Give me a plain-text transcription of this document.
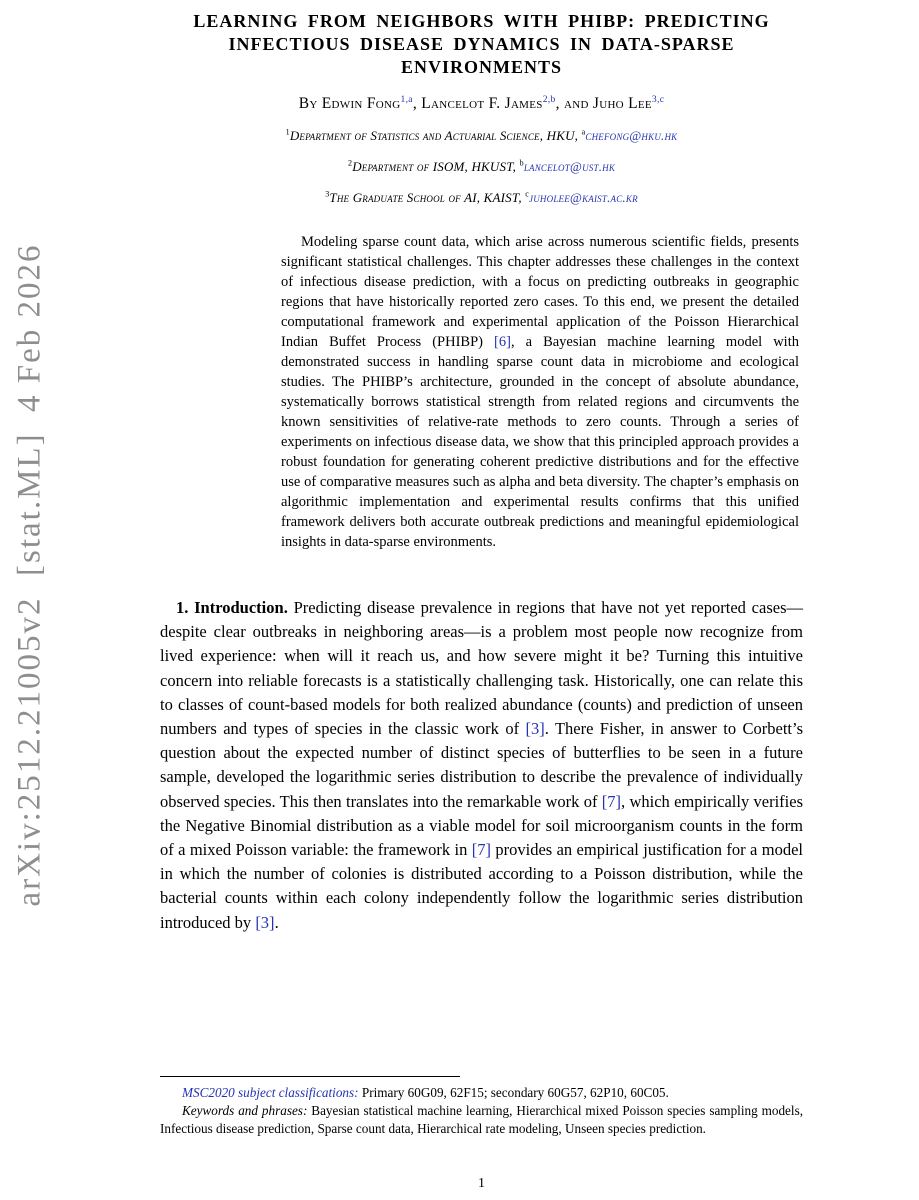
arXiv:2512.21005v2  [stat.ML]  4 Feb 2026
LEARNING FROM NEIGHBORS WITH PHIBP: PREDICTING
INFECTIOUS DISEASE DYNAMICS IN DATA-SPARSE
ENVIRONMENTS
By Edwin Fong$^{1,a}$, Lancelot F. James$^{2,b}$, and Juho Lee$^{3,c}$
$^1$Department of Statistics and Actuarial Science, HKU, $^a$chefong@hku.hk
$^2$Department of ISOM, HKUST, $^b$lancelot@ust.hk
$^3$The Graduate School of AI, KAIST, $^c$juholee@kaist.ac.kr

Modeling sparse count data, which arise across numerous scientific fields, presents significant statistical challenges. This chapter addresses these challenges in the context of infectious disease prediction, with a focus on predicting outbreaks in geographic regions that have historically reported zero cases. To this end, we present the detailed computational framework and experimental application of the Poisson Hierarchical Indian Buffet Process (PHIBP) [6], a Bayesian machine learning model with demonstrated success in handling sparse count data in microbiome and ecological studies. The PHIBP’s architecture, grounded in the concept of absolute abundance, systematically borrows statistical strength from related regions and circumvents the known sensitivities of relative-rate methods to zero counts. Through a series of experiments on infectious disease data, we show that this principled approach provides a robust foundation for generating coherent predictive distributions and for the effective use of comparative measures such as alpha and beta diversity. The chapter’s emphasis on algorithmic implementation and experimental results confirms that this unified framework delivers both accurate outbreak predictions and meaningful epidemiological insights in data-sparse environments.

1. Introduction. Predicting disease prevalence in regions that have not yet reported cases—despite clear outbreaks in neighboring areas—is a problem most people now recognize from lived experience: when will it reach us, and how severe might it be? Turning this intuitive concern into reliable forecasts is a statistically challenging task. Historically, one can relate this to classes of count-based models for both realized abundance (counts) and prediction of unseen numbers and types of species in the classic work of [3]. There Fisher, in answer to Corbett’s question about the expected number of distinct species of butterflies to be seen in a future sample, developed the logarithmic series distribution to describe the prevalence of individually observed species. This then translates into the remarkable work of [7], which empirically verifies the Negative Binomial distribution as a viable model for soil microorganism counts in the form of a mixed Poisson variable: the framework in [7] provides an empirical justification for a model in which the number of colonies is distributed according to a Poisson distribution, while the bacterial counts within each colony independently follow the logarithmic series distribution introduced by [3].

MSC2020 subject classifications: Primary 60G09, 62F15; secondary 60G57, 62P10, 60C05.

Keywords and phrases: Bayesian statistical machine learning, Hierarchical mixed Poisson species sampling models, Infectious disease prediction, Sparse count data, Hierarchical rate modeling, Unseen species prediction.

1
